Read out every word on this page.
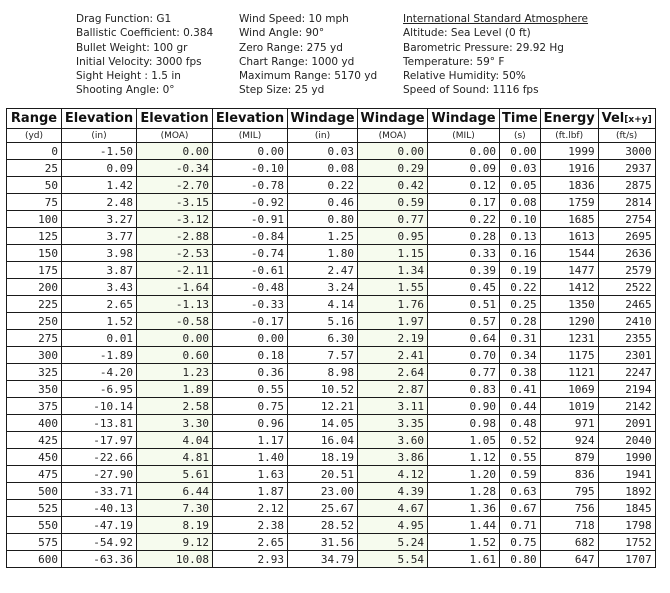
Drag Function: G1
Ballistic Coefficient: 0.384
Bullet Weight: 100 gr
Initial Velocity: 3000 fps
Sight Height : 1.5 in
Shooting Angle: 0°
Wind Speed: 10 mph
Wind Angle: 90°
Zero Range: 275 yd
Chart Range: 1000 yd
Maximum Range: 5170 yd
Step Size: 25 yd
International Standard Atmosphere
Altitude: Sea Level (0 ft)
Barometric Pressure: 29.92 Hg
Temperature: 59° F
Relative Humidity: 50%
Speed of Sound: 1116 fps
Range	Elevation	Elevation	Elevation	Windage	Windage	Windage	Time	Energy	Vel[x+y]
(yd)	(in)	(MOA)	(MIL)	(in)	(MOA)	(MIL)	(s)	(ft.lbf)	(ft/s)
0	-1.50	0.00	0.00	0.03	0.00	0.00	0.00	1999	3000
25	0.09	-0.34	-0.10	0.08	0.29	0.09	0.03	1916	2937
50	1.42	-2.70	-0.78	0.22	0.42	0.12	0.05	1836	2875
75	2.48	-3.15	-0.92	0.46	0.59	0.17	0.08	1759	2814
100	3.27	-3.12	-0.91	0.80	0.77	0.22	0.10	1685	2754
125	3.77	-2.88	-0.84	1.25	0.95	0.28	0.13	1613	2695
150	3.98	-2.53	-0.74	1.80	1.15	0.33	0.16	1544	2636
175	3.87	-2.11	-0.61	2.47	1.34	0.39	0.19	1477	2579
200	3.43	-1.64	-0.48	3.24	1.55	0.45	0.22	1412	2522
225	2.65	-1.13	-0.33	4.14	1.76	0.51	0.25	1350	2465
250	1.52	-0.58	-0.17	5.16	1.97	0.57	0.28	1290	2410
275	0.01	0.00	0.00	6.30	2.19	0.64	0.31	1231	2355
300	-1.89	0.60	0.18	7.57	2.41	0.70	0.34	1175	2301
325	-4.20	1.23	0.36	8.98	2.64	0.77	0.38	1121	2247
350	-6.95	1.89	0.55	10.52	2.87	0.83	0.41	1069	2194
375	-10.14	2.58	0.75	12.21	3.11	0.90	0.44	1019	2142
400	-13.81	3.30	0.96	14.05	3.35	0.98	0.48	971	2091
425	-17.97	4.04	1.17	16.04	3.60	1.05	0.52	924	2040
450	-22.66	4.81	1.40	18.19	3.86	1.12	0.55	879	1990
475	-27.90	5.61	1.63	20.51	4.12	1.20	0.59	836	1941
500	-33.71	6.44	1.87	23.00	4.39	1.28	0.63	795	1892
525	-40.13	7.30	2.12	25.67	4.67	1.36	0.67	756	1845
550	-47.19	8.19	2.38	28.52	4.95	1.44	0.71	718	1798
575	-54.92	9.12	2.65	31.56	5.24	1.52	0.75	682	1752
600	-63.36	10.08	2.93	34.79	5.54	1.61	0.80	647	1707
